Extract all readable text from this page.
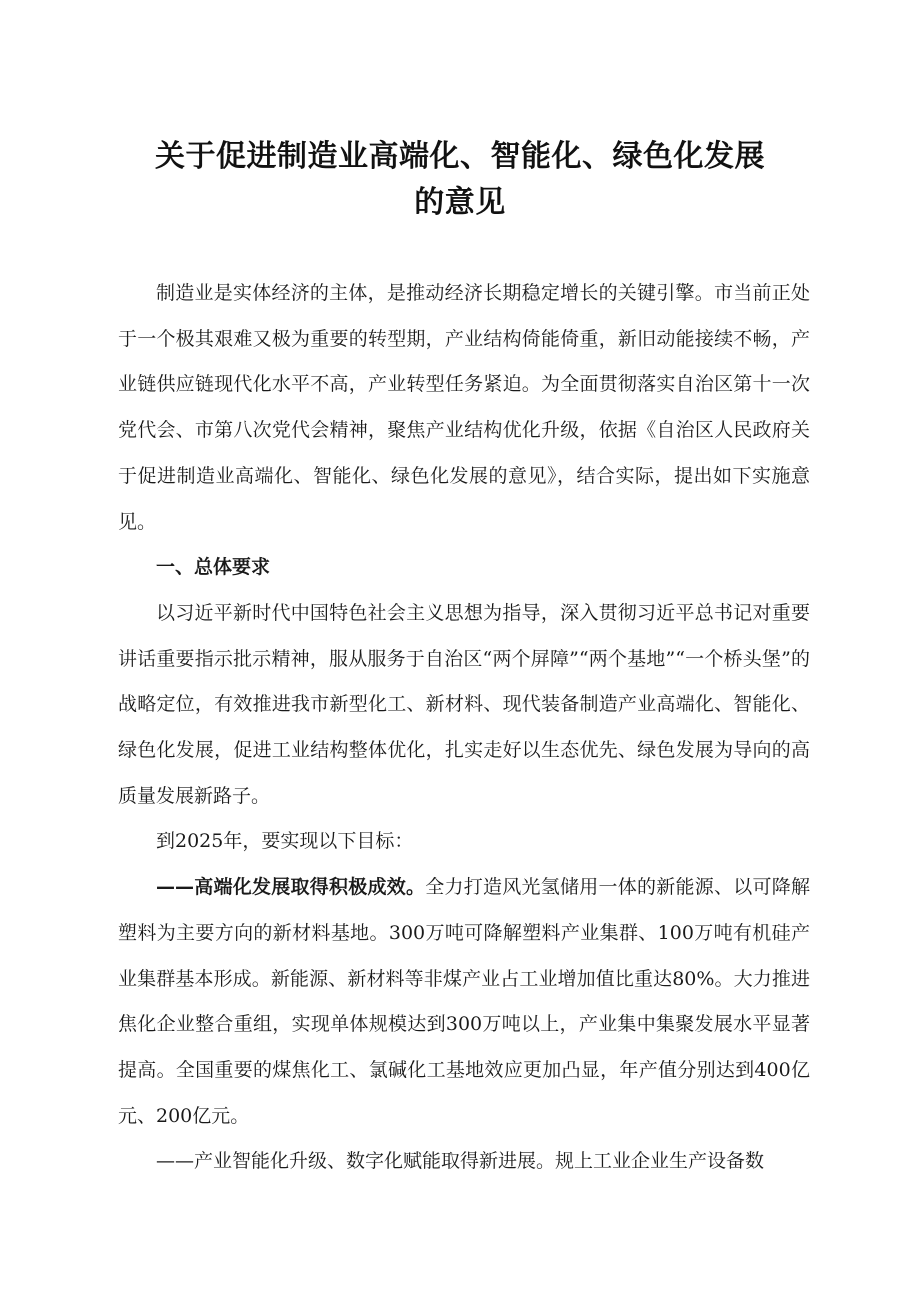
关于促进制造业高端化、智能化、绿色化发展
的意见

制造业是实体经济的主体，是推动经济长期稳定增长的关键引擎。市当前正处于一个极其艰难又极为重要的转型期，产业结构倚能倚重，新旧动能接续不畅，产业链供应链现代化水平不高，产业转型任务紧迫。为全面贯彻落实自治区第十一次党代会、市第八次党代会精神，聚焦产业结构优化升级，依据《自治区人民政府关于促进制造业高端化、智能化、绿色化发展的意见》，结合实际，提出如下实施意见。

一、总体要求

以习近平新时代中国特色社会主义思想为指导，深入贯彻习近平总书记对重要讲话重要指示批示精神，服从服务于自治区“两个屏障”“两个基地”“一个桥头堡”的战略定位，有效推进我市新型化工、新材料、现代装备制造产业高端化、智能化、绿色化发展，促进工业结构整体优化，扎实走好以生态优先、绿色发展为导向的高质量发展新路子。

到2025年，要实现以下目标：

——高端化发展取得积极成效。全力打造风光氢储用一体的新能源、以可降解塑料为主要方向的新材料基地。300万吨可降解塑料产业集群、100万吨有机硅产业集群基本形成。新能源、新材料等非煤产业占工业增加值比重达80%。大力推进焦化企业整合重组，实现单体规模达到300万吨以上，产业集中集聚发展水平显著提高。全国重要的煤焦化工、氯碱化工基地效应更加凸显，年产值分别达到400亿元、200亿元。

——产业智能化升级、数字化赋能取得新进展。规上工业企业生产设备数
